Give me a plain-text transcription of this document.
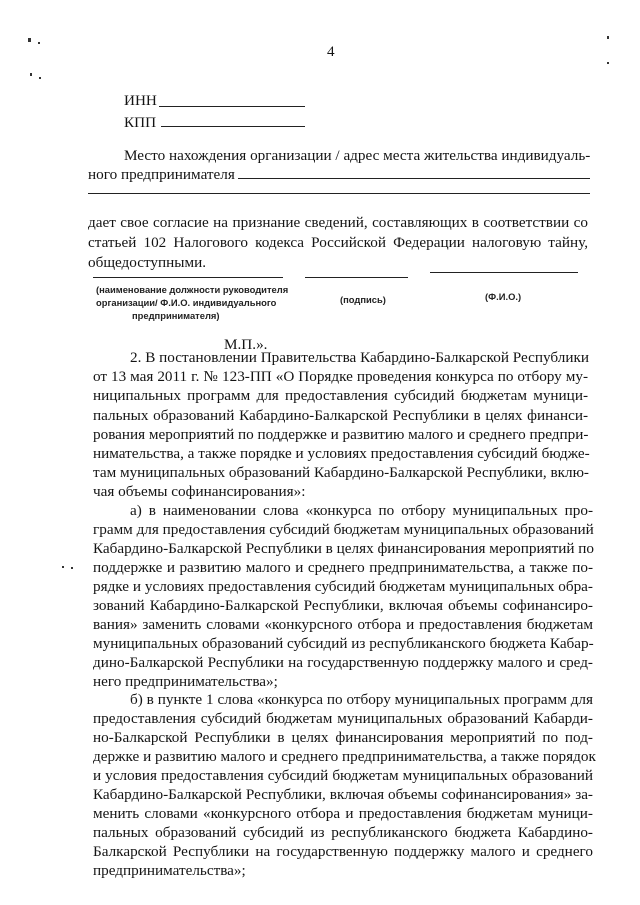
4
ИНН
КПП
Место нахождения организации / адрес места жительства индивидуаль-
ного предпринимателя
дает свое согласие на признание сведений, составляющих в соответствии со
статьей 102 Налогового кодекса Российской Федерации налоговую тайну,
общедоступными.
(наименование должности руководителя
организации/ Ф.И.О. индивидуального
предпринимателя)
(подпись)	(Ф.И.О.)
М.П.».
2. В постановлении Правительства Кабардино-Балкарской Республики
от 13 мая 2011 г. № 123-ПП «О Порядке проведения конкурса по отбору му-
ниципальных программ для предоставления субсидий бюджетам муници-
пальных образований Кабардино-Балкарской Республики в целях финанси-
рования мероприятий по поддержке и развитию малого и среднего предпри-
нимательства, а также порядке и условиях предоставления субсидий бюдже-
там муниципальных образований Кабардино-Балкарской Республики, вклю-
чая объемы софинансирования»:
а) в наименовании слова «конкурса по отбору муниципальных про-
грамм для предоставления субсидий бюджетам муниципальных образований
Кабардино-Балкарской Республики в целях финансирования мероприятий по
поддержке и развитию малого и среднего предпринимательства, а также по-
рядке и условиях предоставления субсидий бюджетам муниципальных обра-
зований Кабардино-Балкарской Республики, включая объемы софинансиро-
вания» заменить словами «конкурсного отбора и предоставления бюджетам
муниципальных образований субсидий из республиканского бюджета Кабар-
дино-Балкарской Республики на государственную поддержку малого и сред-
него предпринимательства»;
б) в пункте 1 слова «конкурса по отбору муниципальных программ для
предоставления субсидий бюджетам муниципальных образований Кабарди-
но-Балкарской Республики в целях финансирования мероприятий по под-
держке и развитию малого и среднего предпринимательства, а также порядок
и условия предоставления субсидий бюджетам муниципальных образований
Кабардино-Балкарской Республики, включая объемы софинансирования» за-
менить словами «конкурсного отбора и предоставления бюджетам муници-
пальных образований субсидий из республиканского бюджета Кабардино-
Балкарской Республики на государственную поддержку малого и среднего
предпринимательства»;
